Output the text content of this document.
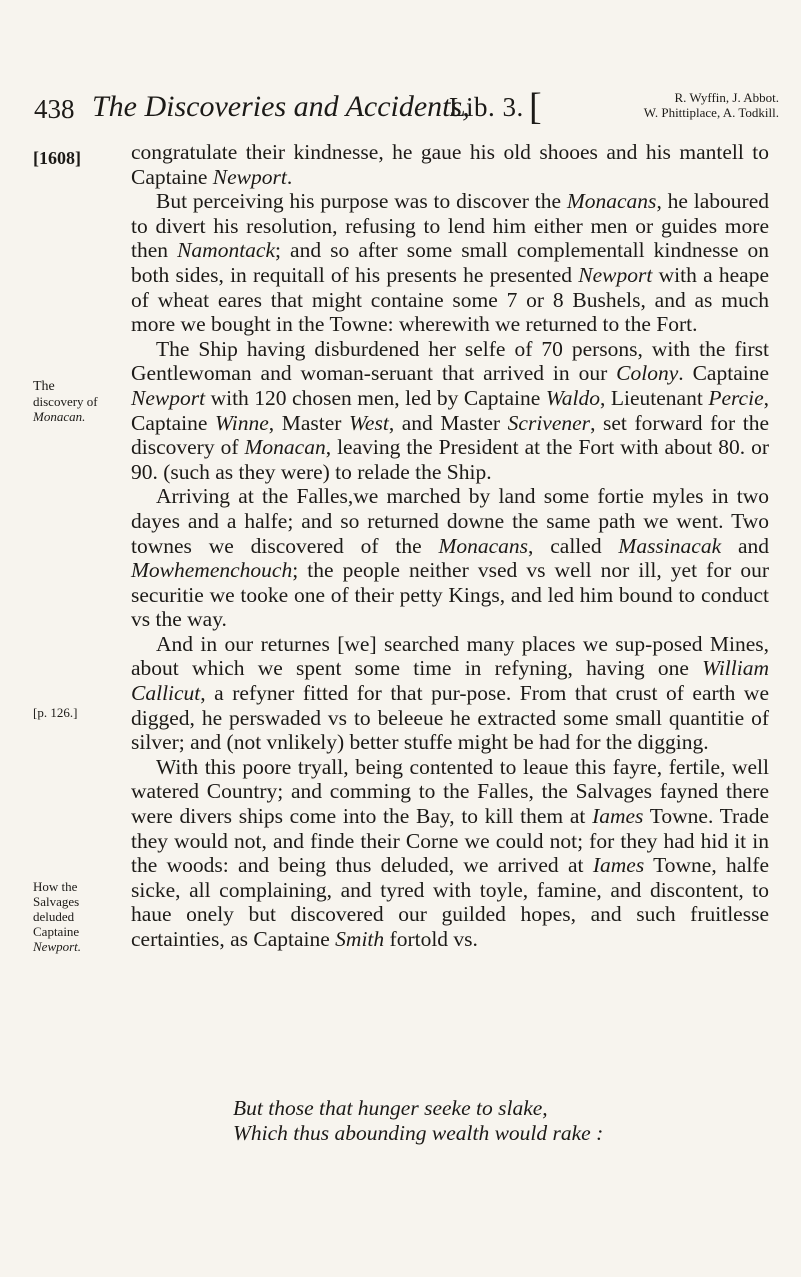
438 The Discoveries and Accidents,
Lib. 3. [	R. Wyffin, J. Abbot.
W. Phittiplace, A. Todkill.
[1608]
The
discovery of
Monacan.
[p. 126.]
How the
Salvages
deluded
Captaine
Newport.

congratulate their kindnesse, he gaue his old shooes and his mantell to Captaine Newport.

But perceiving his purpose was to discover the Monacans, he laboured to divert his resolution, refusing to lend him either men or guides more then Namontack; and so after some small complementall kindnesse on both sides, in requitall of his presents he presented Newport with a heape of wheat eares that might containe some 7 or 8 Bushels, and as much more we bought in the Towne: wherewith we returned to the Fort.

The Ship having disburdened her selfe of 70 persons, with the first Gentlewoman and woman-seruant that arrived in our Colony. Captaine Newport with 120 chosen men, led by Captaine Waldo, Lieutenant Percie, Captaine Winne, Master West, and Master Scrivener, set forward for the discovery of Monacan, leaving the President at the Fort with about 80. or 90. (such as they were) to relade the Ship.

Arriving at the Falles,we marched by land some fortie myles in two dayes and a halfe; and so returned downe the same path we went. Two townes we discovered of the Monacans, called Massinacak and Mowhemenchouch; the people neither vsed vs well nor ill, yet for our securitie we tooke one of their petty Kings, and led him bound to conduct vs the way.

And in our returnes [we] searched many places we sup-posed Mines, about which we spent some time in refyning, having one William Callicut, a refyner fitted for that pur-pose. From that crust of earth we digged, he perswaded vs to beleeue he extracted some small quantitie of silver; and (not vnlikely) better stuffe might be had for the digging.

With this poore tryall, being contented to leaue this fayre, fertile, well watered Country; and comming to the Falles, the Salvages fayned there were divers ships come into the Bay, to kill them at Iames Towne. Trade they would not, and finde their Corne we could not; for they had hid it in the woods: and being thus deluded, we arrived at Iames Towne, halfe sicke, all complaining, and tyred with toyle, famine, and discontent, to haue onely but discovered our guilded hopes, and such fruitlesse certainties, as Captaine Smith fortold vs.

But those that hunger seeke to slake,
Which thus abounding wealth would rake :
